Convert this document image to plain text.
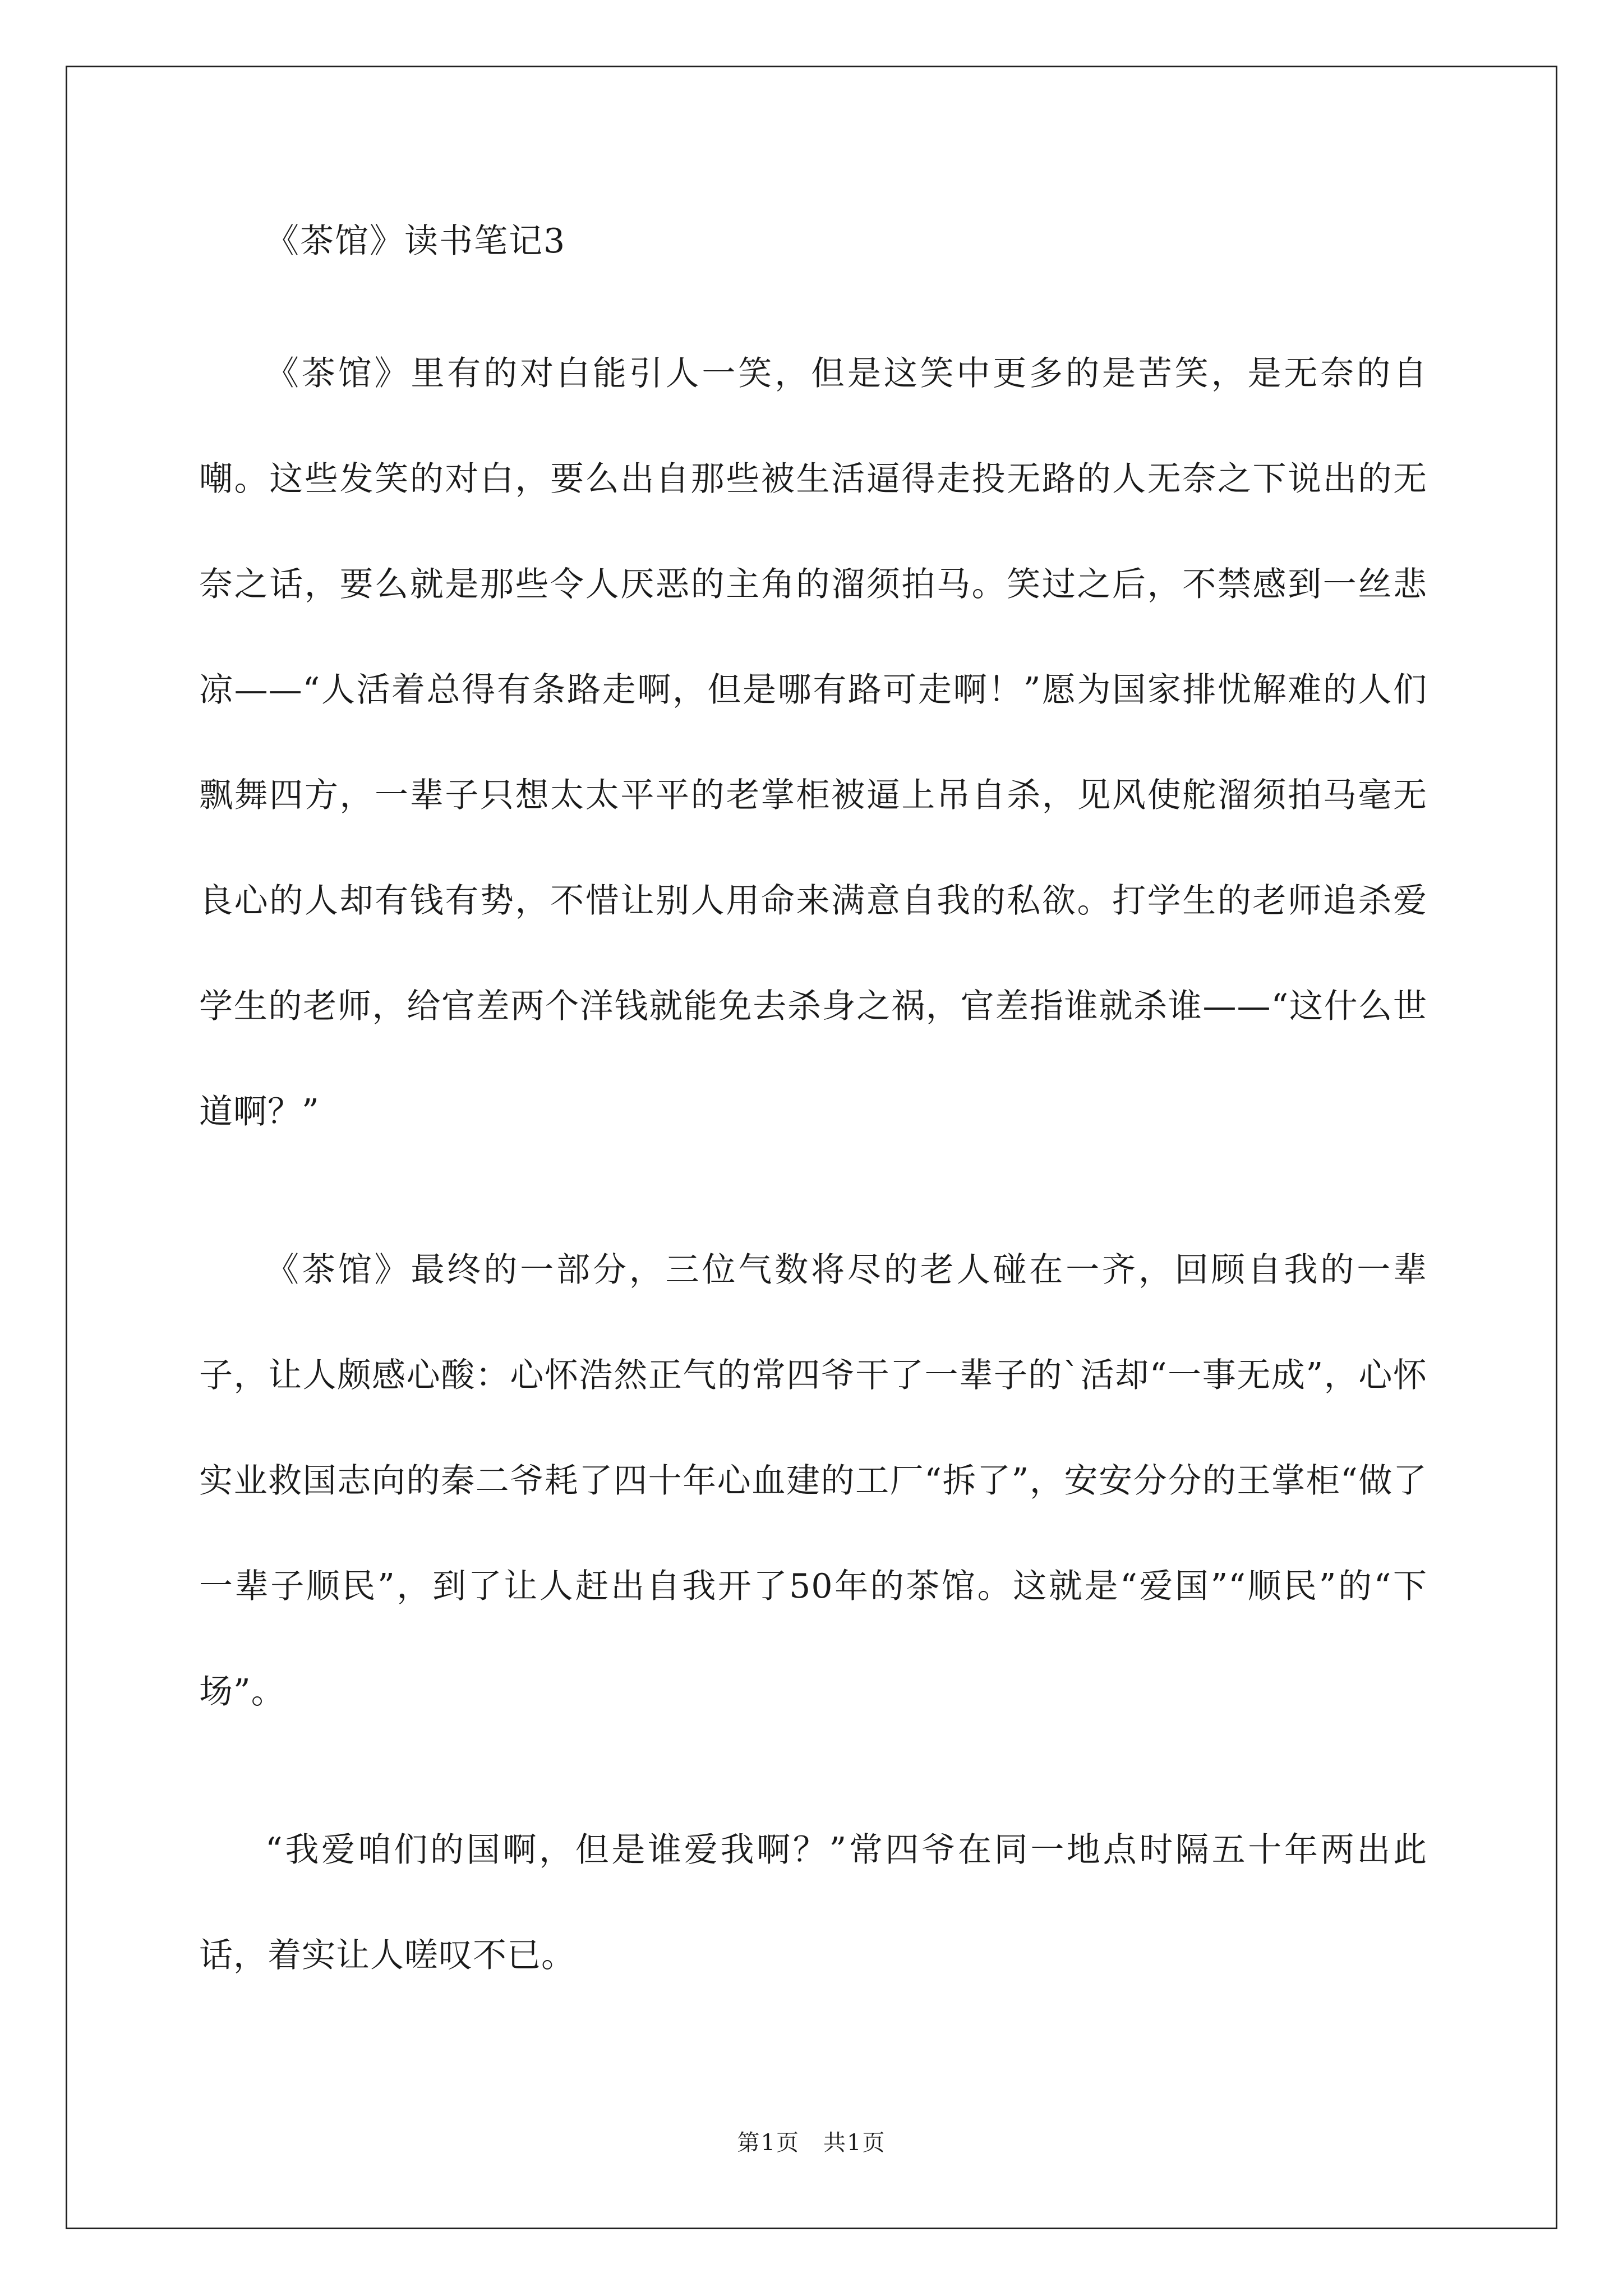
《茶馆》读书笔记3

《茶馆》里有的对白能引人一笑，但是这笑中更多的是苦笑，是无奈的自嘲。这些发笑的对白，要么出自那些被生活逼得走投无路的人无奈之下说出的无奈之话，要么就是那些令人厌恶的主角的溜须拍马。笑过之后，不禁感到一丝悲凉——“人活着总得有条路走啊，但是哪有路可走啊！”愿为国家排忧解难的人们飘舞四方，一辈子只想太太平平的老掌柜被逼上吊自杀，见风使舵溜须拍马毫无良心的人却有钱有势，不惜让别人用命来满意自我的私欲。打学生的老师追杀爱学生的老师，给官差两个洋钱就能免去杀身之祸，官差指谁就杀谁——“这什么世道啊？”

《茶馆》最终的一部分，三位气数将尽的老人碰在一齐，回顾自我的一辈子，让人颇感心酸：心怀浩然正气的常四爷干了一辈子的`活却“一事无成”，心怀实业救国志向的秦二爷耗了四十年心血建的工厂“拆了”，安安分分的王掌柜“做了一辈子顺民”，到了让人赶出自我开了50年的茶馆。这就是“爱国”“顺民”的“下场”。

“我爱咱们的国啊，但是谁爱我啊？”常四爷在同一地点时隔五十年两出此话，着实让人嗟叹不已。

第1页　共1页
